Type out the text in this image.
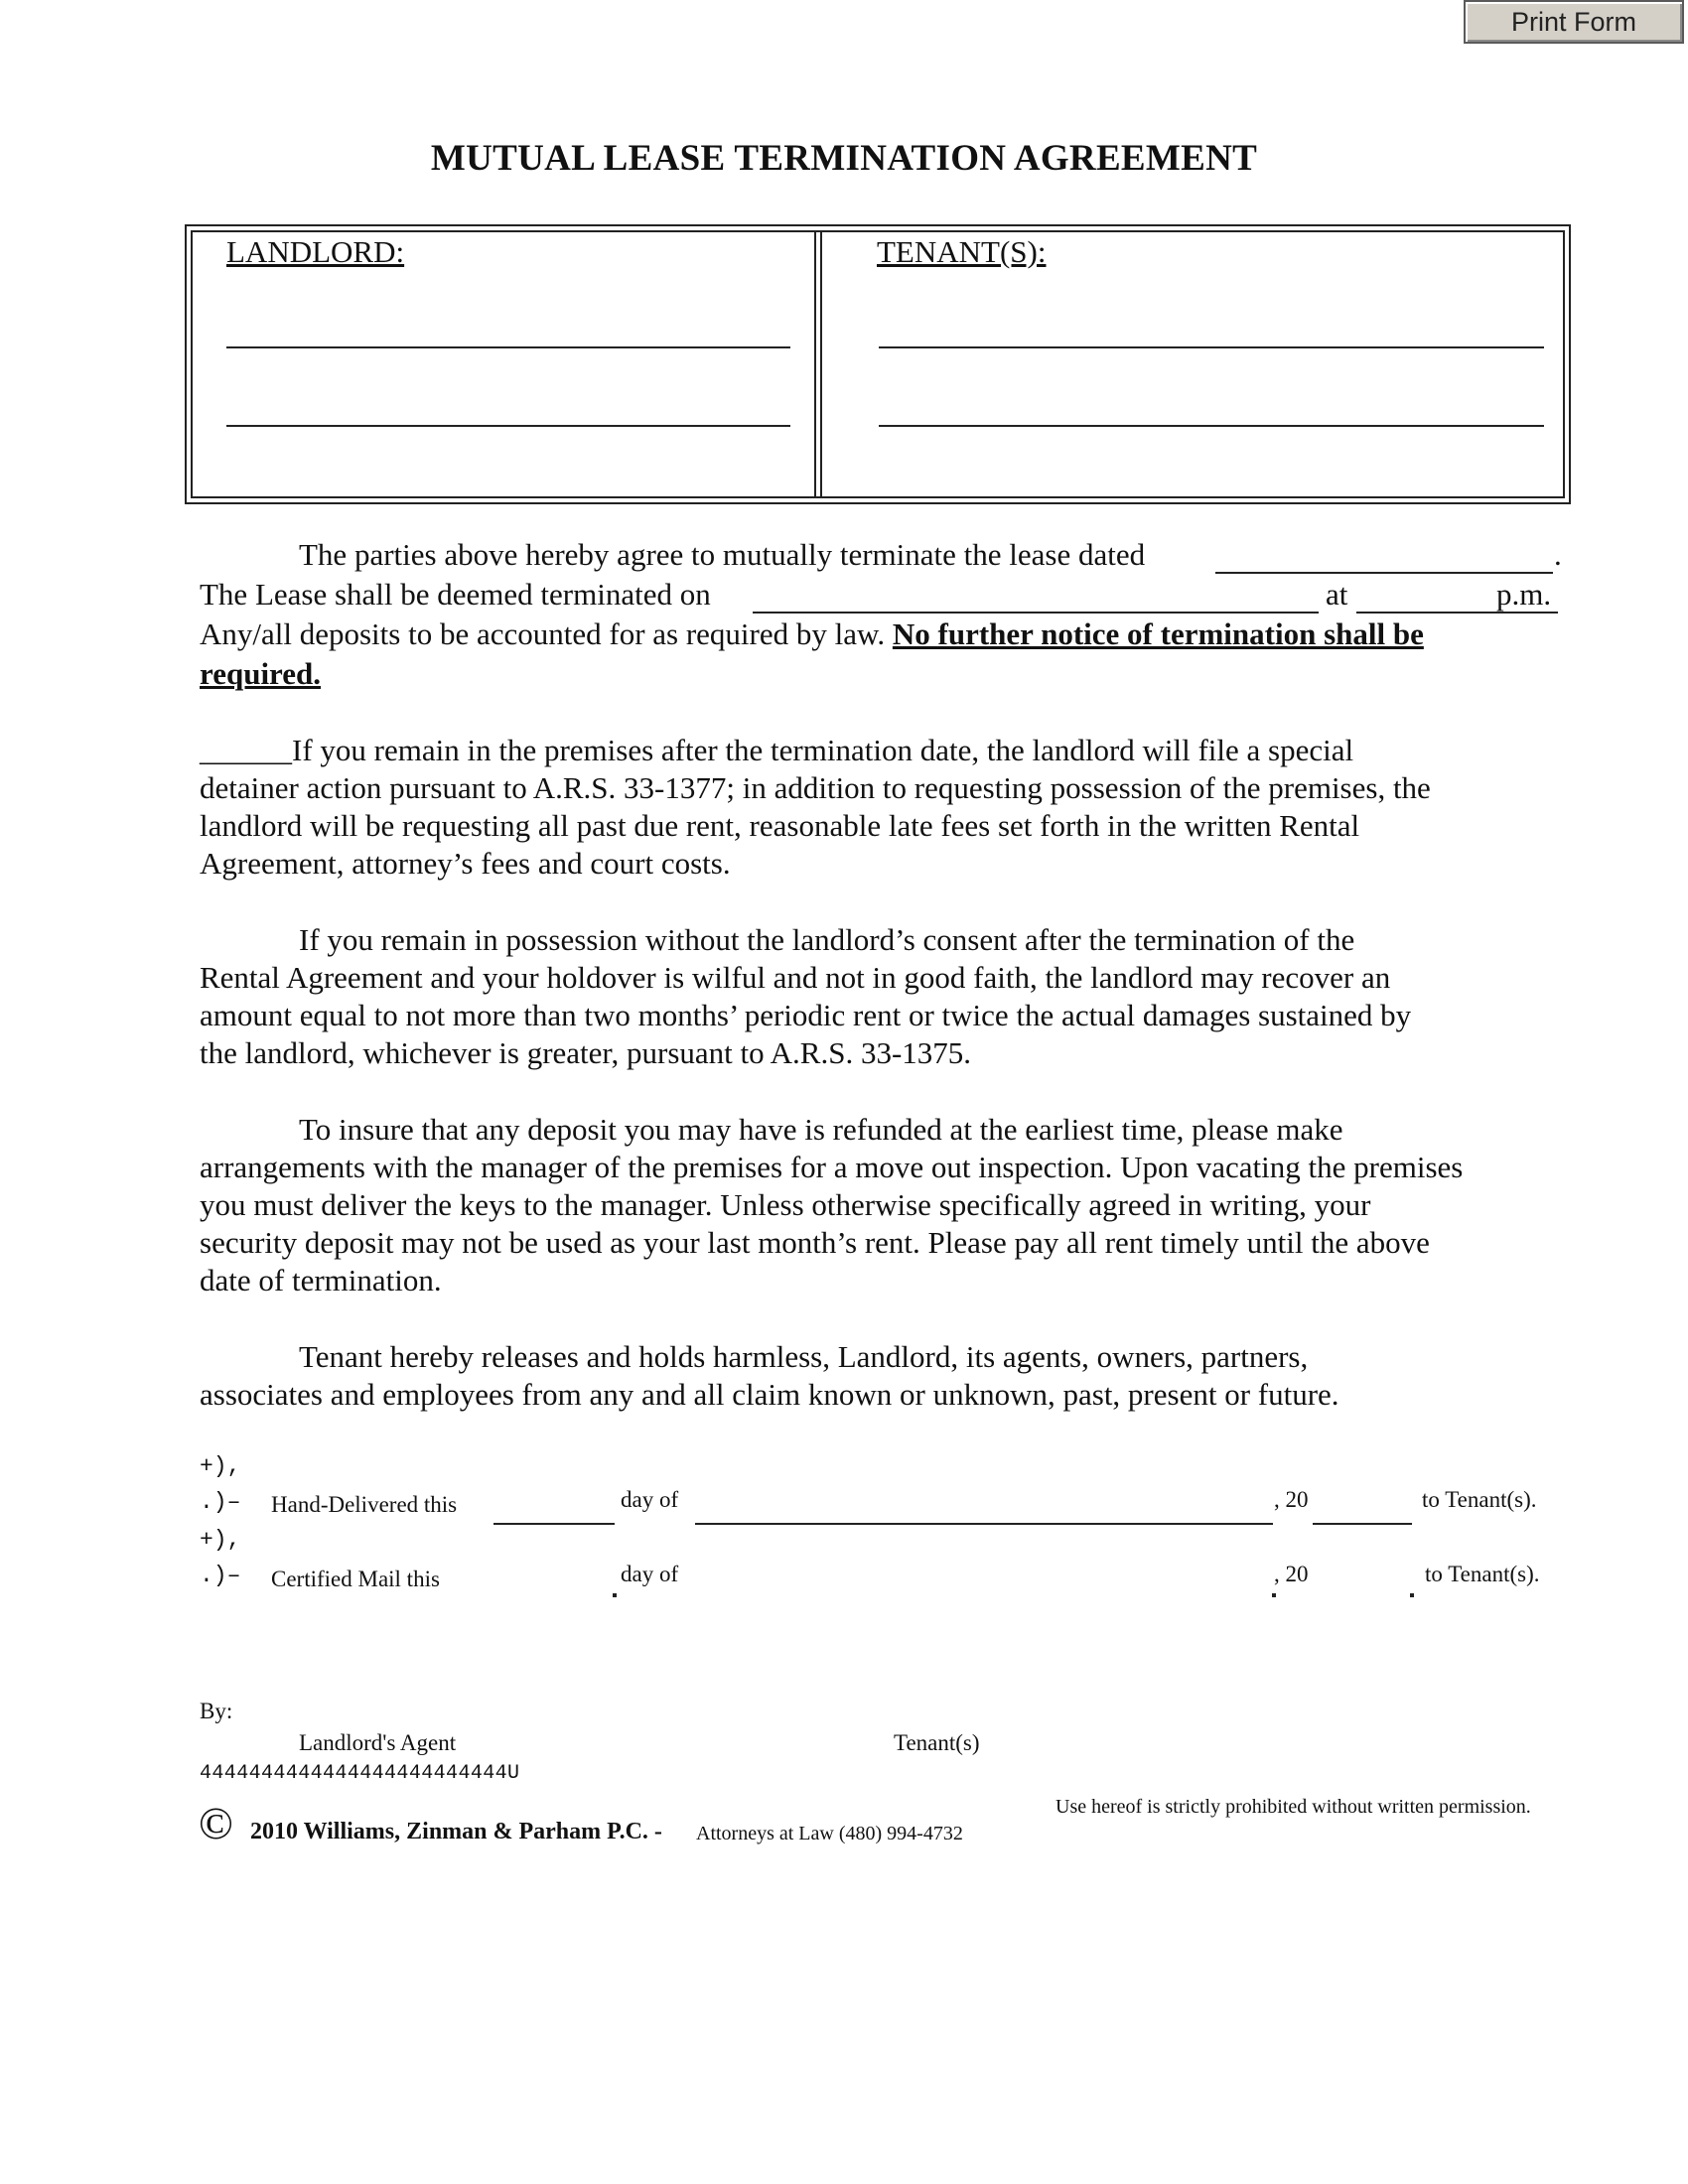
Print Form
MUTUAL LEASE TERMINATION AGREEMENT
LANDLORD:	TENANT(S):
The parties above hereby agree to mutually terminate the lease dated	.
The Lease shall be deemed terminated on	at	p.m.
Any/all deposits to be accounted for as required by law. No further notice of termination shall be
required.
______If you remain in the premises after the termination date, the landlord will file a special
detainer action pursuant to A.R.S. 33-1377; in addition to requesting possession of the premises, the
landlord will be requesting all past due rent, reasonable late fees set forth in the written Rental
Agreement, attorney’s fees and court costs.
If you remain in possession without the landlord’s consent after the termination of the
Rental Agreement and your holdover is wilful and not in good faith, the landlord may recover an
amount equal to not more than two months’ periodic rent or twice the actual damages sustained by
the landlord, whichever is greater, pursuant to A.R.S. 33-1375.
To insure that any deposit you may have is refunded at the earliest time, please make
arrangements with the manager of the premises for a move out inspection. Upon vacating the premises
you must deliver the keys to the manager. Unless otherwise specifically agreed in writing, your
security deposit may not be used as your last month’s rent. Please pay all rent timely until the above
date of termination.
Tenant hereby releases and holds harmless, Landlord, its agents, owners, partners,
associates and employees from any and all claim known or unknown, past, present or future.
+),
.)– Hand-Delivered this	day of	, 20	to Tenant(s).
+),
.)– Certified Mail this	day of	, 20	to Tenant(s).
By:
Landlord's Agent	Tenant(s)
4444444444444444444444444U
© 2010 Williams, Zinman & Parham P.C. - Attorneys at Law (480) 994-4732
Use hereof is strictly prohibited without written permission.
